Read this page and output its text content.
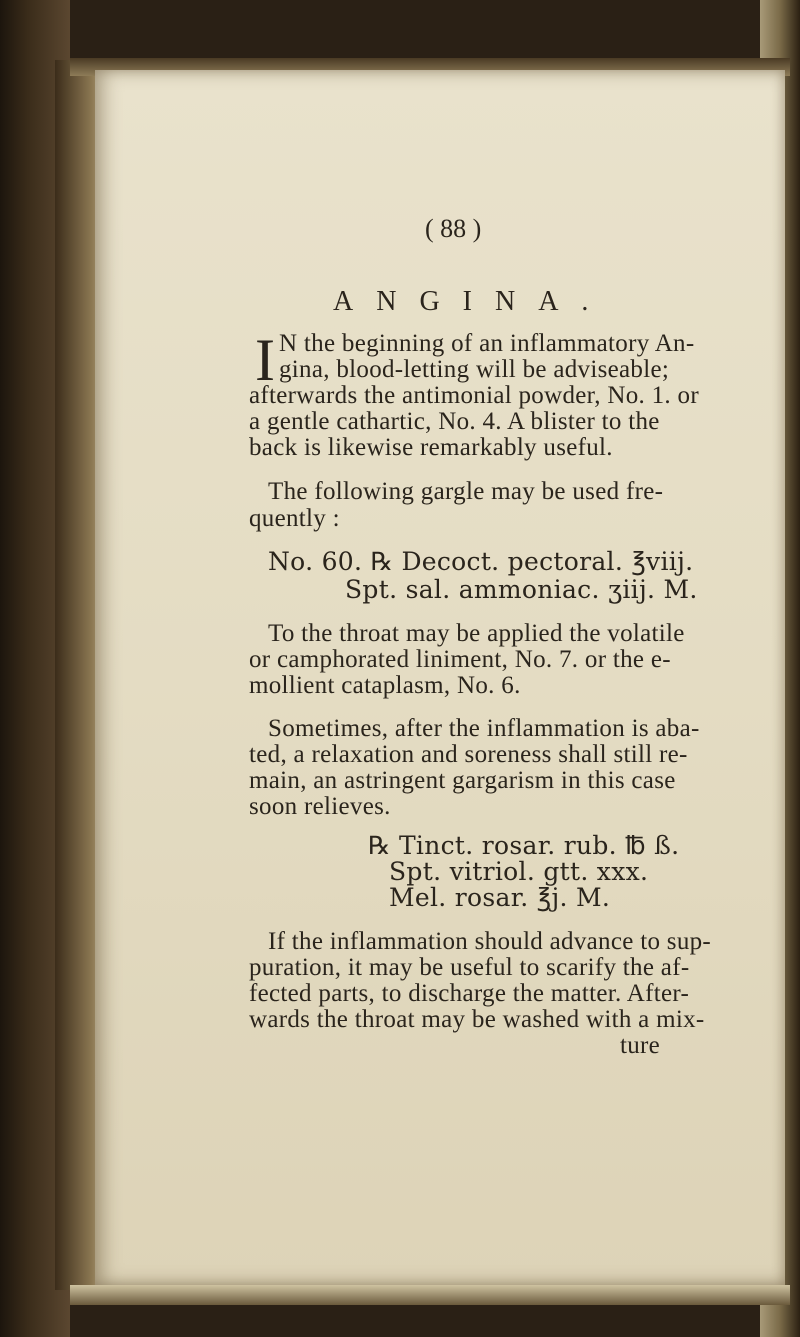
( 88 )
ANGINA.
I N the beginning of an inflammatory An-
gina, blood-letting will be adviseable;
afterwards the antimonial powder, No. 1. or
a gentle cathartic, No. 4. A blister to the
back is likewise remarkably useful.
The following gargle may be used fre-
quently :
No. 60. ℞ Decoct. pectoral. ℥viij.
Spt. sal. ammoniac. ʒiij. M.
To the throat may be applied the volatile
or camphorated liniment, No. 7. or the e-
mollient cataplasm, No. 6.
Sometimes, after the inflammation is aba-
ted, a relaxation and soreness shall still re-
main, an astringent gargarism in this case
soon relieves.
℞ Tinct. rosar. rub. ℔ ß.
Spt. vitriol. gtt. xxx.
Mel. rosar. ℥j. M.
If the inflammation should advance to sup-
puration, it may be useful to scarify the af-
fected parts, to discharge the matter. After-
wards the throat may be washed with a mix-
ture
